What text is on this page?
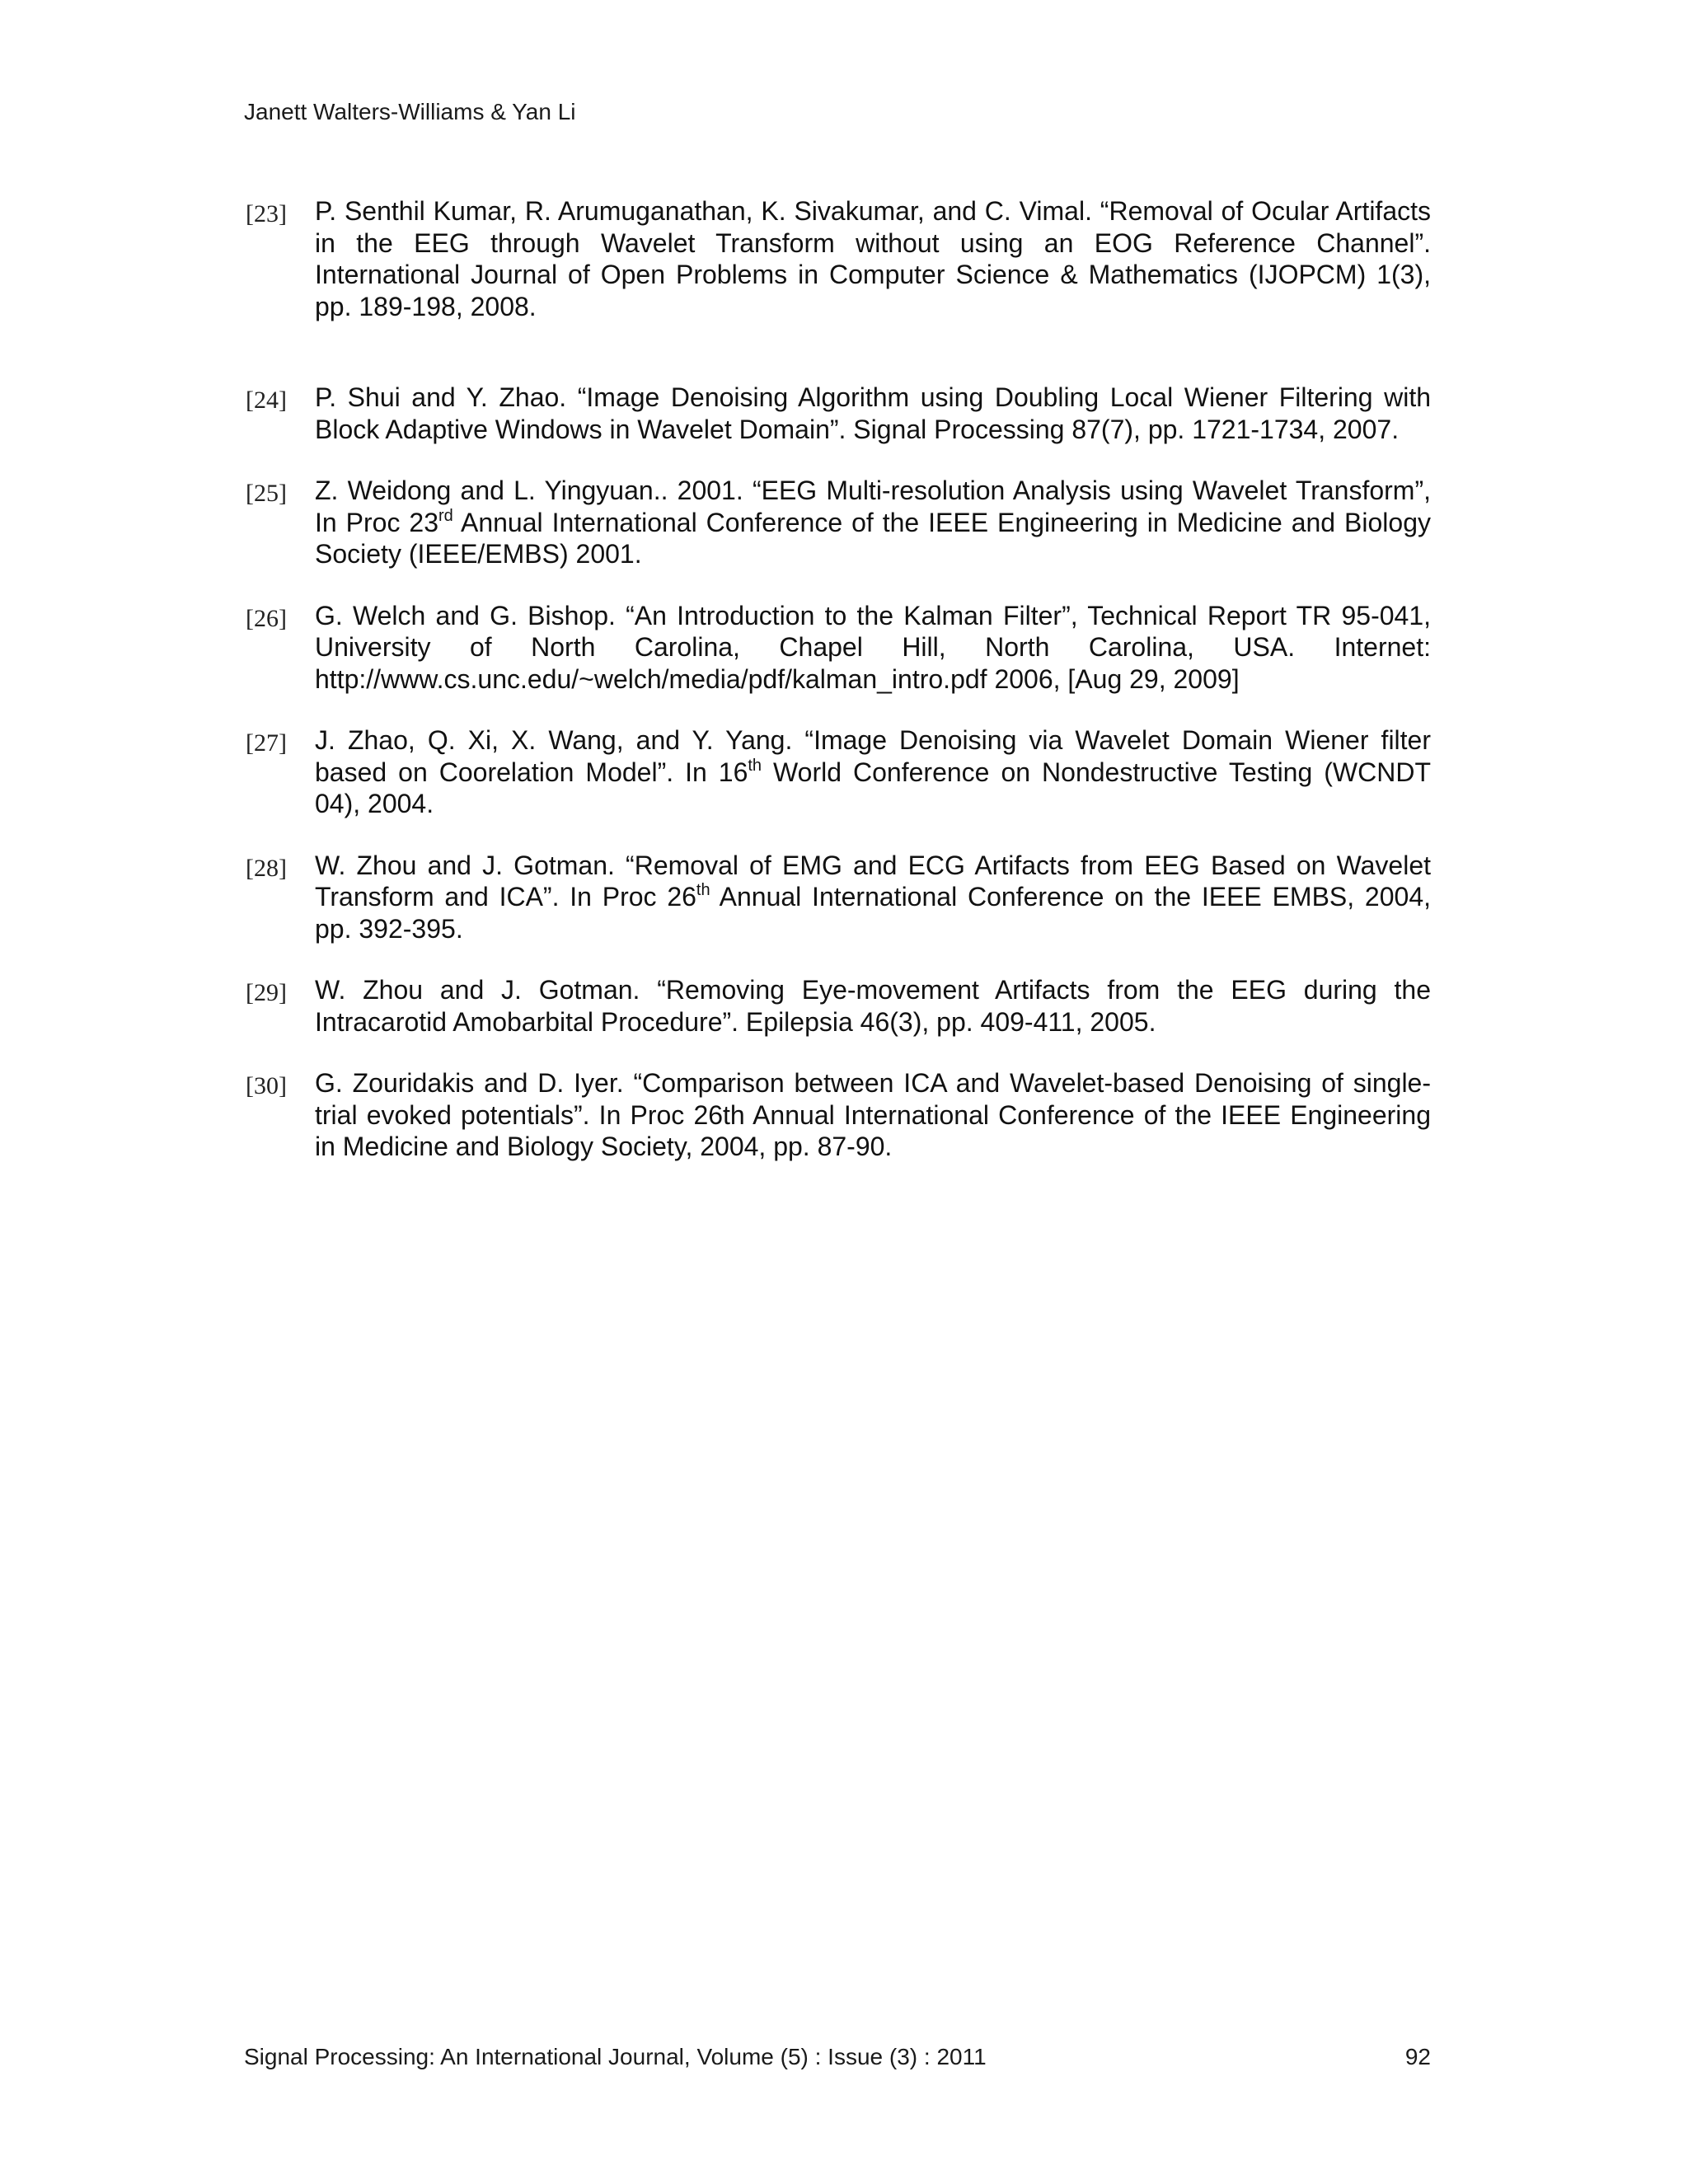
Janett Walters-Williams & Yan Li
[23] P. Senthil Kumar, R. Arumuganathan, K. Sivakumar, and C. Vimal. “Removal of Ocular Artifacts in the EEG through Wavelet Transform without using an EOG Reference Channel”. International Journal of Open Problems in Computer Science & Mathematics (IJOPCM) 1(3), pp. 189-198, 2008.
[24] P. Shui and Y. Zhao. “Image Denoising Algorithm using Doubling Local Wiener Filtering with Block Adaptive Windows in Wavelet Domain”. Signal Processing 87(7), pp. 1721-1734, 2007.
[25] Z. Weidong and L. Yingyuan.. 2001. “EEG Multi-resolution Analysis using Wavelet Transform”, In Proc 23rd Annual International Conference of the IEEE Engineering in Medicine and Biology Society (IEEE/EMBS) 2001.
[26] G. Welch and G. Bishop. “An Introduction to the Kalman Filter”, Technical Report TR 95-041, University of North Carolina, Chapel Hill, North Carolina, USA. Internet: http://www.cs.unc.edu/~welch/media/pdf/kalman_intro.pdf 2006, [Aug 29, 2009]
[27] J. Zhao, Q. Xi, X. Wang, and Y. Yang. “Image Denoising via Wavelet Domain Wiener filter based on Coorelation Model”. In 16th World Conference on Nondestructive Testing (WCNDT 04), 2004.
[28] W. Zhou and J. Gotman. “Removal of EMG and ECG Artifacts from EEG Based on Wavelet Transform and ICA”. In Proc 26th Annual International Conference on the IEEE EMBS, 2004, pp. 392-395.
[29] W. Zhou and J. Gotman. “Removing Eye-movement Artifacts from the EEG during the Intracarotid Amobarbital Procedure”. Epilepsia 46(3), pp. 409-411, 2005.
[30] G. Zouridakis and D. Iyer. “Comparison between ICA and Wavelet-based Denoising of single-trial evoked potentials”. In Proc 26th Annual International Conference of the IEEE Engineering in Medicine and Biology Society, 2004, pp. 87-90.
Signal Processing: An International Journal, Volume (5) : Issue (3) : 2011	92
